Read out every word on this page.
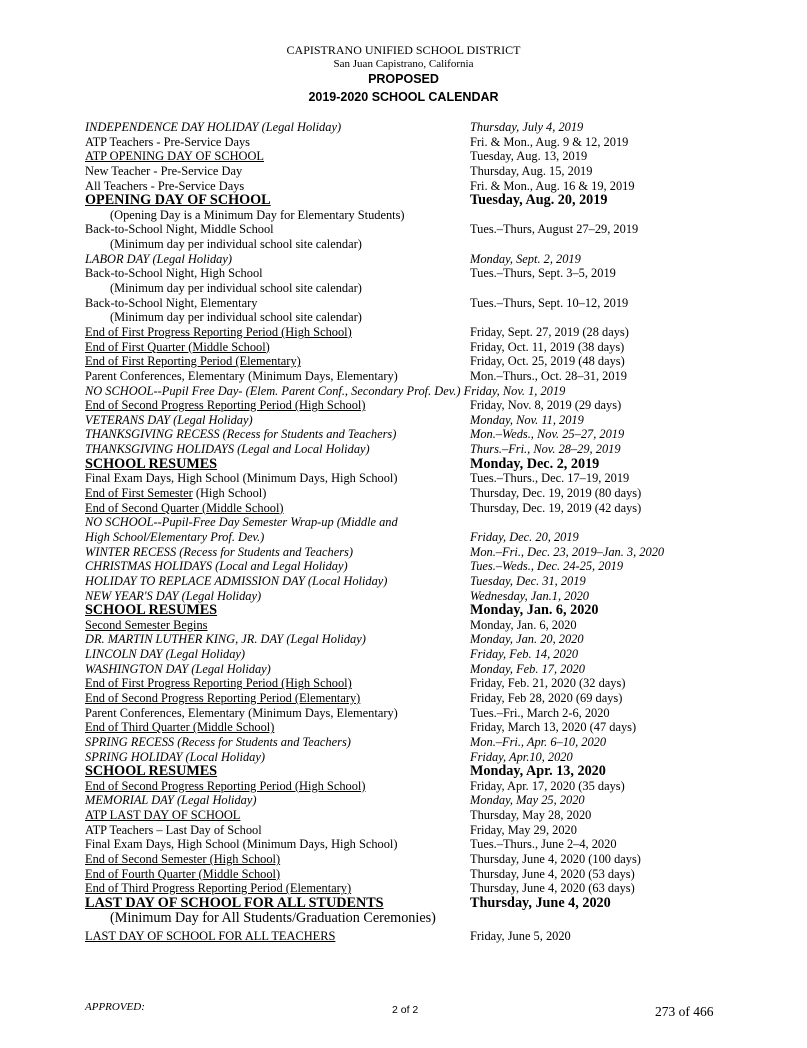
CAPISTRANO UNIFIED SCHOOL DISTRICT
San Juan Capistrano, California
PROPOSED
2019-2020 SCHOOL CALENDAR
INDEPENDENCE DAY HOLIDAY (Legal Holiday)	Thursday, July 4, 2019
ATP Teachers - Pre-Service Days	Fri. & Mon., Aug. 9 & 12, 2019
ATP OPENING DAY OF SCHOOL	Tuesday, Aug. 13, 2019
New Teacher - Pre-Service Day	Thursday, Aug. 15, 2019
All Teachers - Pre-Service Days	Fri. & Mon., Aug. 16 & 19, 2019
OPENING DAY OF SCHOOL	Tuesday, Aug. 20, 2019
(Opening Day is a Minimum Day for Elementary Students)
Back-to-School Night, Middle School	Tues.–Thurs, August 27–29, 2019
(Minimum day per individual school site calendar)
LABOR DAY (Legal Holiday)	Monday, Sept. 2, 2019
Back-to-School Night, High School	Tues.–Thurs, Sept. 3–5, 2019
(Minimum day per individual school site calendar)
Back-to-School Night, Elementary	Tues.–Thurs, Sept. 10–12, 2019
(Minimum day per individual school site calendar)
End of First Progress Reporting Period (High School)	Friday, Sept. 27, 2019 (28 days)
End of First Quarter (Middle School)	Friday, Oct. 11, 2019 (38 days)
End of First Reporting Period (Elementary)	Friday, Oct. 25, 2019 (48 days)
Parent Conferences, Elementary (Minimum Days, Elementary)	Mon.–Thurs., Oct. 28–31, 2019
NO SCHOOL--Pupil Free Day- (Elem. Parent Conf., Secondary Prof. Dev.) Friday, Nov. 1, 2019
End of Second Progress Reporting Period (High School)	Friday, Nov. 8, 2019 (29 days)
VETERANS DAY (Legal Holiday)	Monday, Nov. 11, 2019
THANKSGIVING RECESS (Recess for Students and Teachers)	Mon.–Weds., Nov. 25–27, 2019
THANKSGIVING HOLIDAYS (Legal and Local Holiday)	Thurs.–Fri., Nov. 28–29, 2019
SCHOOL RESUMES	Monday, Dec. 2, 2019
Final Exam Days, High School (Minimum Days, High School)	Tues.–Thurs., Dec. 17–19, 2019
End of First Semester (High School)	Thursday, Dec. 19, 2019 (80 days)
End of Second Quarter (Middle School)	Thursday, Dec. 19, 2019 (42 days)
NO SCHOOL--Pupil-Free Day Semester Wrap-up (Middle and
High School/Elementary Prof. Dev.)	Friday, Dec. 20, 2019
WINTER RECESS (Recess for Students and Teachers)	Mon.–Fri., Dec. 23, 2019–Jan. 3, 2020
CHRISTMAS HOLIDAYS (Local and Legal Holiday)	Tues.–Weds., Dec. 24-25, 2019
HOLIDAY TO REPLACE ADMISSION DAY (Local Holiday)	Tuesday, Dec. 31, 2019
NEW YEAR'S DAY (Legal Holiday)	Wednesday, Jan.1, 2020
SCHOOL RESUMES	Monday, Jan. 6, 2020
Second Semester Begins	Monday, Jan. 6, 2020
DR. MARTIN LUTHER KING, JR. DAY (Legal Holiday)	Monday, Jan. 20, 2020
LINCOLN DAY (Legal Holiday)	Friday, Feb. 14, 2020
WASHINGTON DAY (Legal Holiday)	Monday, Feb. 17, 2020
End of First Progress Reporting Period (High School)	Friday, Feb. 21, 2020 (32 days)
End of Second Progress Reporting Period (Elementary)	Friday, Feb 28, 2020 (69 days)
Parent Conferences, Elementary (Minimum Days, Elementary)	Tues.–Fri., March 2-6, 2020
End of Third Quarter (Middle School)	Friday, March 13, 2020 (47 days)
SPRING RECESS (Recess for Students and Teachers)	Mon.–Fri., Apr. 6–10, 2020
SPRING HOLIDAY (Local Holiday)	Friday, Apr.10, 2020
SCHOOL RESUMES	Monday, Apr. 13, 2020
End of Second Progress Reporting Period (High School)	Friday, Apr. 17, 2020 (35 days)
MEMORIAL DAY (Legal Holiday)	Monday, May 25, 2020
ATP LAST DAY OF SCHOOL	Thursday, May 28, 2020
ATP Teachers – Last Day of School	Friday, May 29, 2020
Final Exam Days, High School (Minimum Days, High School)	Tues.–Thurs., June 2–4, 2020
End of Second Semester (High School)	Thursday, June 4, 2020 (100 days)
End of Fourth Quarter (Middle School)	Thursday, June 4, 2020 (53 days)
End of Third Progress Reporting Period (Elementary)	Thursday, June 4, 2020 (63 days)
LAST DAY OF SCHOOL FOR ALL STUDENTS	Thursday, June 4, 2020
(Minimum Day for All Students/Graduation Ceremonies)
LAST DAY OF SCHOOL FOR ALL TEACHERS	Friday, June 5, 2020
APPROVED:	2 of 2	273 of 466
